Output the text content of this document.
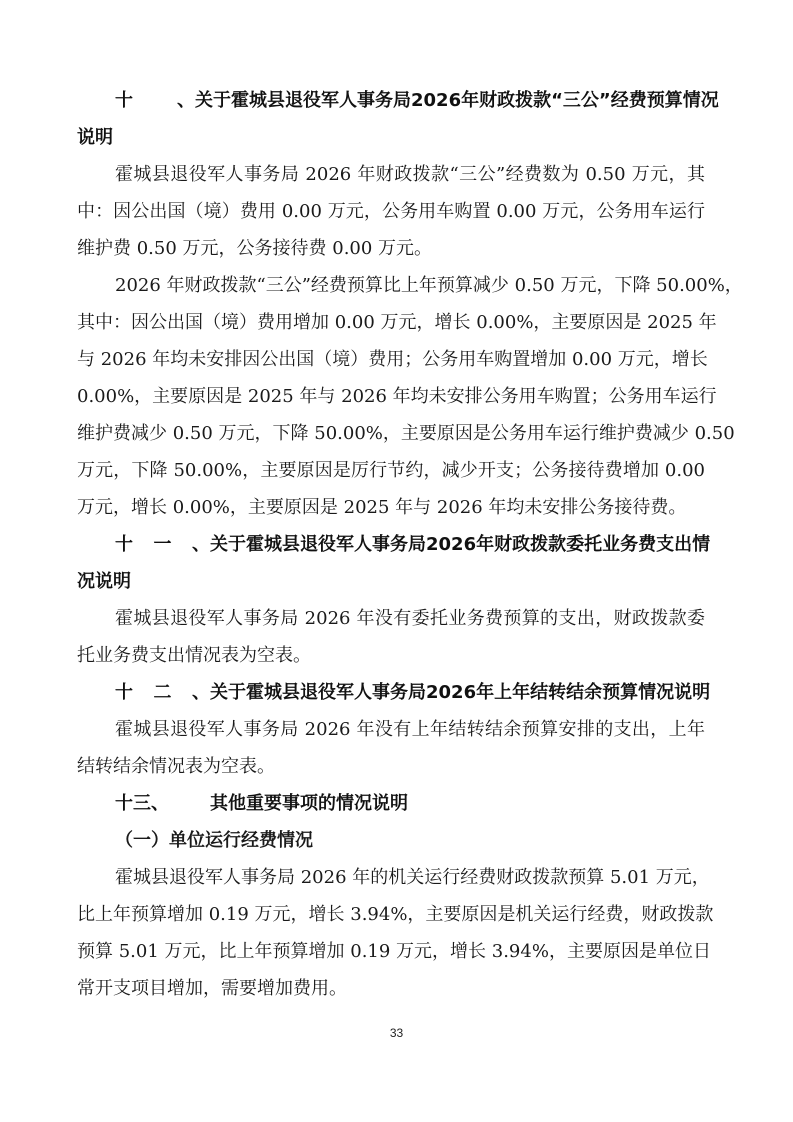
十、关于霍城县退役军人事务局2026年财政拨款“三公”经费预算情况
说明
霍城县退役军人事务局 2026 年财政拨款“三公”经费数为 0.50 万元，其
中：因公出国（境）费用 0.00 万元，公务用车购置 0.00 万元，公务用车运行
维护费 0.50 万元，公务接待费 0.00 万元。
2026 年财政拨款“三公”经费预算比上年预算减少 0.50 万元，下降 50.00%，
其中：因公出国（境）费用增加 0.00 万元，增长 0.00%，主要原因是 2025 年
与 2026 年均未安排因公出国（境）费用；公务用车购置增加 0.00 万元，增长
0.00%，主要原因是 2025 年与 2026 年均未安排公务用车购置；公务用车运行
维护费减少 0.50 万元，下降 50.00%，主要原因是公务用车运行维护费减少 0.50
万元，下降 50.00%，主要原因是厉行节约，减少开支；公务接待费增加 0.00
万元，增长 0.00%，主要原因是 2025 年与 2026 年均未安排公务接待费。
十一、关于霍城县退役军人事务局2026年财政拨款委托业务费支出情
况说明
霍城县退役军人事务局 2026 年没有委托业务费预算的支出，财政拨款委
托业务费支出情况表为空表。
十二、关于霍城县退役军人事务局2026年上年结转结余预算情况说明
霍城县退役军人事务局 2026 年没有上年结转结余预算安排的支出，上年
结转结余情况表为空表。
十三、 其他重要事项的情况说明
（一）单位运行经费情况
霍城县退役军人事务局 2026 年的机关运行经费财政拨款预算 5.01 万元，
比上年预算增加 0.19 万元，增长 3.94%，主要原因是机关运行经费，财政拨款
预算 5.01 万元，比上年预算增加 0.19 万元，增长 3.94%，主要原因是单位日
常开支项目增加，需要增加费用。
33
